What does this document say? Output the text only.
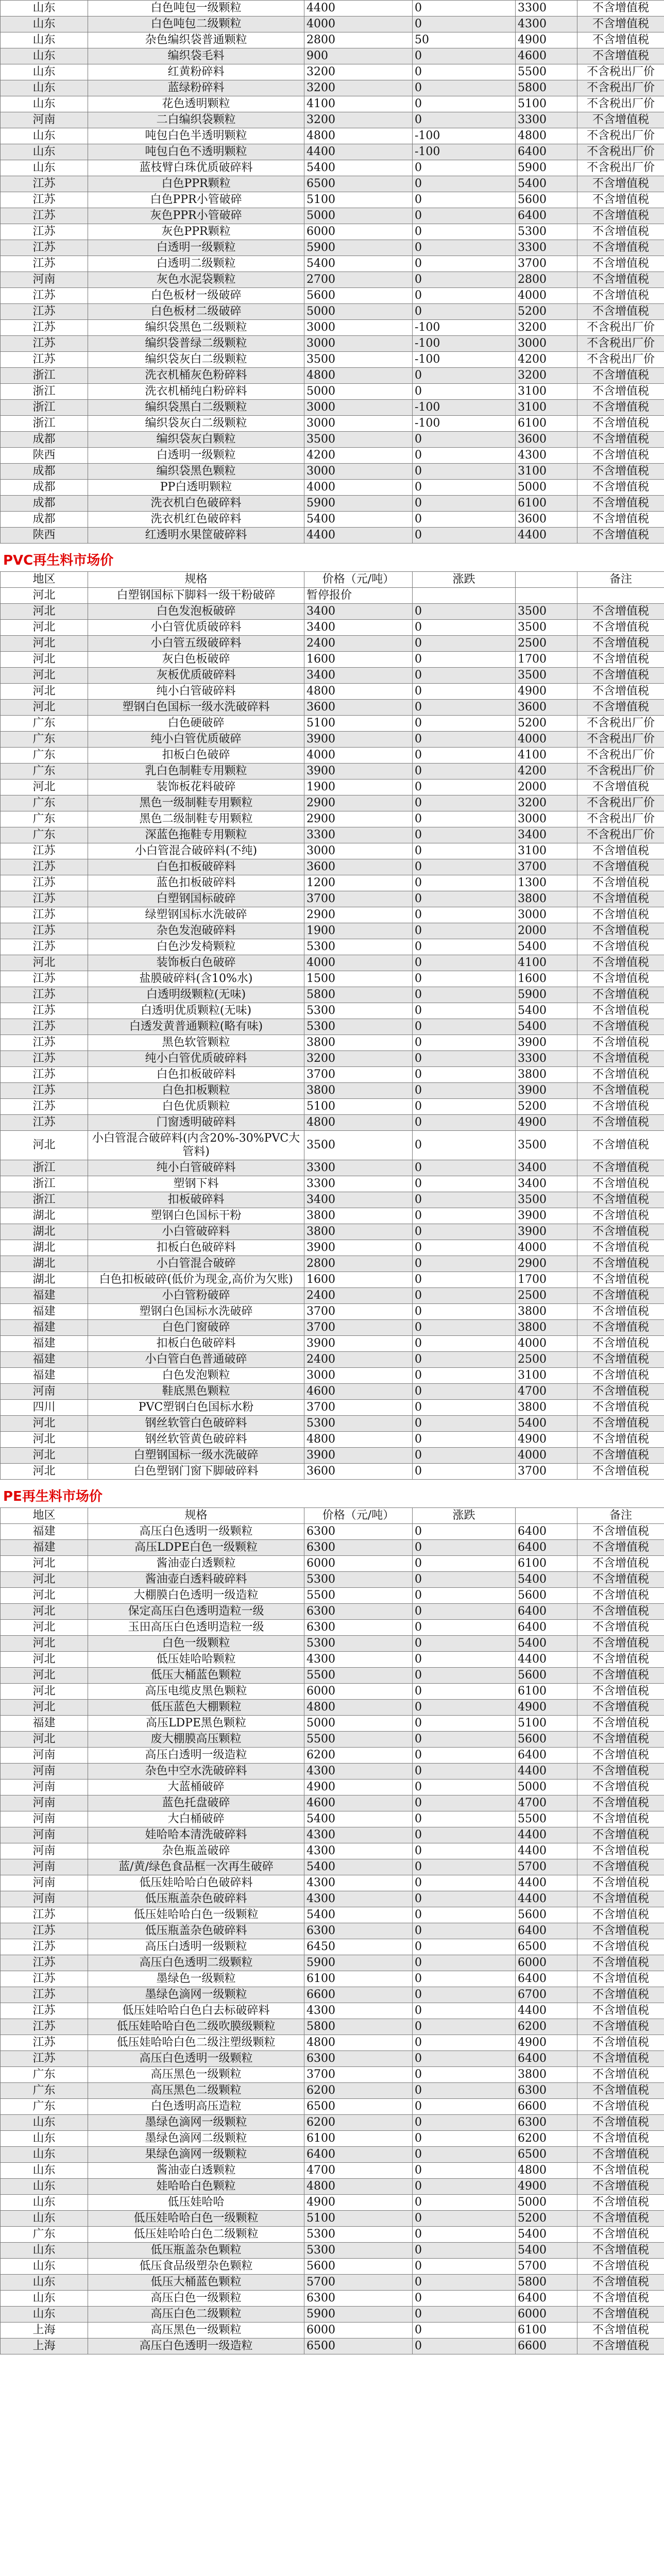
山东	白色吨包一级颗粒	4400	0	3300	不含增值税
山东	白色吨包二级颗粒	4000	0	4300	不含增值税
山东	杂色编织袋普通颗粒	2800	50	4900	不含增值税
山东	编织袋毛料	900	0	4600	不含增值税
山东	红黄粉碎料	3200	0	5500	不含税出厂价
山东	蓝绿粉碎料	3200	0	5800	不含税出厂价
山东	花色透明颗粒	4100	0	5100	不含税出厂价
河南	二白编织袋颗粒	3200	0	3300	不含增值税
山东	吨包白色半透明颗粒	4800	-100	4800	不含税出厂价
山东	吨包白色不透明颗粒	4400	-100	6400	不含税出厂价
山东	蓝枝臂白珠优质破碎料	5400	0	5900	不含税出厂价
江苏	白色PPR颗粒	6500	0	5400	不含增值税
江苏	白色PPR小管破碎	5100	0	5600	不含增值税
江苏	灰色PPR小管破碎	5000	0	6400	不含增值税
江苏	灰色PPR颗粒	6000	0	5300	不含增值税
江苏	白透明一级颗粒	5900	0	3300	不含增值税
江苏	白透明二级颗粒	5400	0	3700	不含增值税
河南	灰色水泥袋颗粒	2700	0	2800	不含增值税
江苏	白色板材一级破碎	5600	0	4000	不含增值税
江苏	白色板材二级破碎	5000	0	5200	不含增值税
江苏	编织袋黑色二级颗粒	3000	-100	3200	不含税出厂价
江苏	编织袋普绿二级颗粒	3000	-100	3000	不含税出厂价
江苏	编织袋灰白二级颗粒	3500	-100	4200	不含税出厂价
浙江	洗衣机桶灰色粉碎料	4800	0	3200	不含增值税
浙江	洗衣机桶纯白粉碎料	5000	0	3100	不含增值税
浙江	编织袋黑白二级颗粒	3000	-100	3100	不含增值税
浙江	编织袋灰白二级颗粒	3000	-100	6100	不含增值税
成都	编织袋灰白颗粒	3500	0	3600	不含增值税
陕西	白透明一级颗粒	4200	0	4300	不含增值税
成都	编织袋黑色颗粒	3000	0	3100	不含增值税
成都	PP白透明颗粒	4000	0	5000	不含增值税
成都	洗衣机白色破碎料	5900	0	6100	不含增值税
成都	洗衣机红色破碎料	5400	0	3600	不含增值税
陕西	红透明水果筐破碎料	4400	0	4400	不含增值税
PVC再生料市场价
地区	规格	价格（元/吨）	涨跌		备注
河北	白塑钢国标下脚料一级干粉破碎	暂停报价			
河北	白色发泡板破碎	3400	0	3500	不含增值税
河北	小白管优质破碎料	3400	0	3500	不含增值税
河北	小白管五级破碎料	2400	0	2500	不含增值税
河北	灰白色板破碎	1600	0	1700	不含增值税
河北	灰板优质破碎料	3400	0	3500	不含增值税
河北	纯小白管破碎料	4800	0	4900	不含增值税
河北	塑钢白色国标一级水洗破碎料	3600	0	3600	不含增值税
广东	白色硬破碎	5100	0	5200	不含税出厂价
广东	纯小白管优质破碎	3900	0	4000	不含税出厂价
广东	扣板白色破碎	4000	0	4100	不含税出厂价
广东	乳白色制鞋专用颗粒	3900	0	4200	不含税出厂价
河北	装饰板花料破碎	1900	0	2000	不含增值税
广东	黑色一级制鞋专用颗粒	2900	0	3200	不含税出厂价
广东	黑色二级制鞋专用颗粒	2900	0	3000	不含税出厂价
广东	深蓝色拖鞋专用颗粒	3300	0	3400	不含税出厂价
江苏	小白管混合破碎料(不纯)	3000	0	3100	不含增值税
江苏	白色扣板破碎料	3600	0	3700	不含增值税
江苏	蓝色扣板破碎料	1200	0	1300	不含增值税
江苏	白塑钢国标破碎	3700	0	3800	不含增值税
江苏	绿塑钢国标水洗破碎	2900	0	3000	不含增值税
江苏	杂色发泡破碎料	1900	0	2000	不含增值税
江苏	白色沙发椅颗粒	5300	0	5400	不含增值税
河北	装饰板白色破碎	4000	0	4100	不含增值税
江苏	盐膜破碎料(含10%水)	1500	0	1600	不含增值税
江苏	白透明级颗粒(无味)	5800	0	5900	不含增值税
江苏	白透明优质颗粒(无味)	5300	0	5400	不含增值税
江苏	白透发黄普通颗粒(略有味)	5300	0	5400	不含增值税
江苏	黑色软管颗粒	3800	0	3900	不含增值税
江苏	纯小白管优质破碎料	3200	0	3300	不含增值税
江苏	白色扣板破碎料	3700	0	3800	不含增值税
江苏	白色扣板颗粒	3800	0	3900	不含增值税
江苏	白色优质颗粒	5100	0	5200	不含增值税
江苏	门窗透明破碎料	4800	0	4900	不含增值税
河北	小白管混合破碎料(内含20%-30%PVC大管料)	3500	0	3500	不含增值税
浙江	纯小白管破碎料	3300	0	3400	不含增值税
浙江	塑钢下料	3300	0	3400	不含增值税
浙江	扣板破碎料	3400	0	3500	不含增值税
湖北	塑钢白色国标干粉	3800	0	3900	不含增值税
湖北	小白管破碎料	3800	0	3900	不含增值税
湖北	扣板白色破碎料	3900	0	4000	不含增值税
湖北	小白管混合破碎	2800	0	2900	不含增值税
湖北	白色扣板破碎(低价为现金,高价为欠账)	1600	0	1700	不含增值税
福建	小白管粉破碎	2400	0	2500	不含增值税
福建	塑钢白色国标水洗破碎	3700	0	3800	不含增值税
福建	白色门窗破碎	3700	0	3800	不含增值税
福建	扣板白色破碎料	3900	0	4000	不含增值税
福建	小白管白色普通破碎	2400	0	2500	不含增值税
福建	白色发泡颗粒	3000	0	3100	不含增值税
河南	鞋底黑色颗粒	4600	0	4700	不含增值税
四川	PVC塑钢白色国标水粉	3700	0	3800	不含增值税
河北	钢丝软管白色破碎料	5300	0	5400	不含增值税
河北	钢丝软管黄色破碎料	4800	0	4900	不含增值税
河北	白塑钢国标一级水洗破碎	3900	0	4000	不含增值税
河北	白色塑钢门窗下脚破碎料	3600	0	3700	不含增值税
PE再生料市场价
地区	规格	价格（元/吨）	涨跌		备注
福建	高压白色透明一级颗粒	6300	0	6400	不含增值税
福建	高压LDPE白色一级颗粒	6300	0	6400	不含增值税
河北	酱油壶白透颗粒	6000	0	6100	不含增值税
河北	酱油壶白透料破碎料	5300	0	5400	不含增值税
河北	大棚膜白色透明一级造粒	5500	0	5600	不含增值税
河北	保定高压白色透明造粒一级	6300	0	6400	不含增值税
河北	玉田高压白色透明造粒一级	6300	0	6400	不含增值税
河北	白色一级颗粒	5300	0	5400	不含增值税
河北	低压娃哈哈颗粒	4300	0	4400	不含增值税
河北	低压大桶蓝色颗粒	5500	0	5600	不含增值税
河北	高压电缆皮黑色颗粒	6000	0	6100	不含增值税
河北	低压蓝色大棚颗粒	4800	0	4900	不含增值税
福建	高压LDPE黑色颗粒	5000	0	5100	不含增值税
河北	废大棚膜高压颗粒	5500	0	5600	不含增值税
河南	高压白透明一级造粒	6200	0	6400	不含增值税
河南	杂色中空水洗破碎料	4300	0	4400	不含增值税
河南	大蓝桶破碎	4900	0	5000	不含增值税
河南	蓝色托盘破碎	4600	0	4700	不含增值税
河南	大白桶破碎	5400	0	5500	不含增值税
河南	娃哈哈本清洗破碎料	4300	0	4400	不含增值税
河南	杂色瓶盖破碎	4300	0	4400	不含增值税
河南	蓝/黄/绿色食品框一次再生破碎	5400	0	5700	不含增值税
河南	低压娃哈哈白色破碎料	4300	0	4400	不含增值税
河南	低压瓶盖杂色破碎料	4300	0	4400	不含增值税
江苏	低压娃哈哈白色一级颗粒	5400	0	5600	不含增值税
江苏	低压瓶盖杂色破碎料	6300	0	6400	不含增值税
江苏	高压白透明一级颗粒	6450	0	6500	不含增值税
江苏	高压白色透明二级颗粒	5900	0	6000	不含增值税
江苏	墨绿色一级颗粒	6100	0	6400	不含增值税
江苏	墨绿色滴网一级颗粒	6600	0	6700	不含增值税
江苏	低压娃哈哈白色白去标破碎料	4300	0	4400	不含增值税
江苏	低压娃哈哈白色二级吹膜级颗粒	5800	0	6200	不含增值税
江苏	低压娃哈哈白色二级注塑级颗粒	4800	0	4900	不含增值税
江苏	高压白色透明一级颗粒	6300	0	6400	不含增值税
广东	高压黑色一级颗粒	3700	0	3800	不含增值税
广东	高压黑色二级颗粒	6200	0	6300	不含增值税
广东	白色透明高压造粒	6500	0	6600	不含增值税
山东	墨绿色滴网一级颗粒	6200	0	6300	不含增值税
山东	墨绿色滴网二级颗粒	6100	0	6200	不含增值税
山东	果绿色滴网一级颗粒	6400	0	6500	不含增值税
山东	酱油壶白透颗粒	4700	0	4800	不含增值税
山东	娃哈哈白色颗粒	4800	0	4900	不含增值税
山东	低压娃哈哈	4900	0	5000	不含增值税
山东	低压娃哈哈白色一级颗粒	5100	0	5200	不含增值税
广东	低压娃哈哈白色二级颗粒	5300	0	5400	不含增值税
山东	低压瓶盖杂色颗粒	5300	0	5400	不含增值税
山东	低压食品级塑杂色颗粒	5600	0	5700	不含增值税
山东	低压大桶蓝色颗粒	5700	0	5800	不含增值税
山东	高压白色一级颗粒	6300	0	6400	不含增值税
山东	高压白色二级颗粒	5900	0	6000	不含增值税
上海	高压黑色一级颗粒	6000	0	6100	不含增值税
上海	高压白色透明一级造粒	6500	0	6600	不含增值税
